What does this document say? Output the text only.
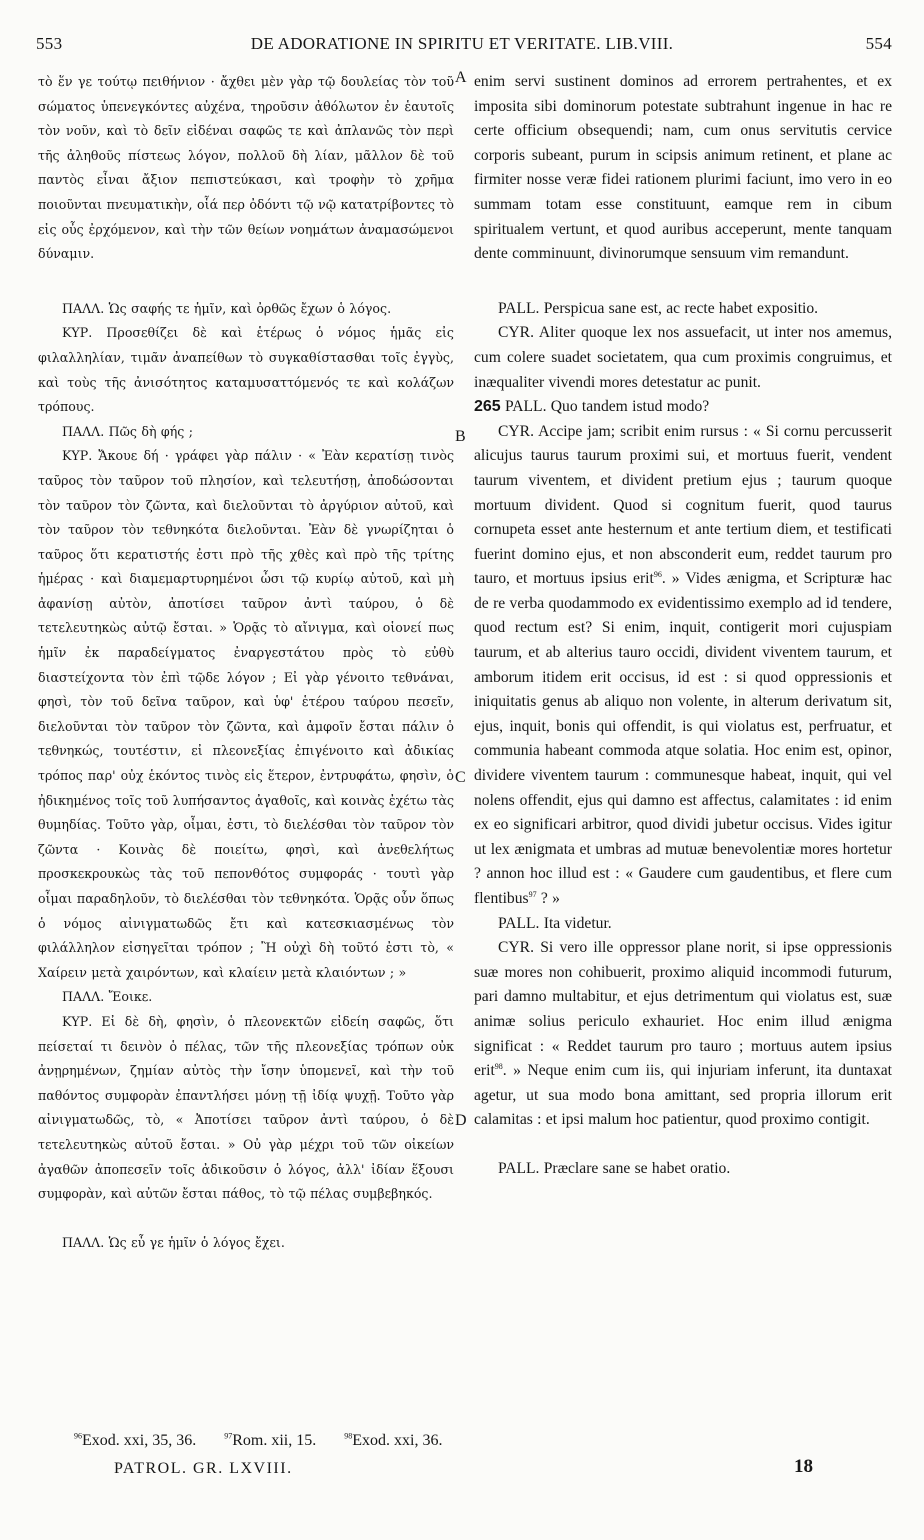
553	DE ADORATIONE IN SPIRITU ET VERITATE. LIB.VIII.	554

τὸ ἕν γε τούτῳ πειθήνιον · ἄχθει μὲν γὰρ τῷ δουλείας τὸν τοῦ σώματος ὑπενεγκόντες αὐχένα, τηροῦσιν ἀθόλωτον ἐν ἑαυτοῖς τὸν νοῦν, καὶ τὸ δεῖν εἰδέναι σαφῶς τε καὶ ἀπλανῶς τὸν περὶ τῆς ἀληθοῦς πίστεως λόγον, πολλοῦ δὴ λίαν, μᾶλλον δὲ τοῦ παντὸς εἶναι ἄξιον πεπιστεύκασι, καὶ τροφὴν τὸ χρῆμα ποιοῦνται πνευματικὴν, οἷά περ ὀδόντι τῷ νῷ κατατρίβοντες τὸ εἰς οὖς ἐρχόμενον, καὶ τὴν τῶν θείων νοημάτων ἀναμασώμενοι δύναμιν.

ΠΑΛΛ. Ὡς σαφής τε ἡμῖν, καὶ ὀρθῶς ἔχων ὁ λόγος.

ΚΥΡ. Προσεθίζει δὲ καὶ ἑτέρως ὁ νόμος ἡμᾶς εἰς φιλαλληλίαν, τιμᾶν ἀναπείθων τὸ συγκαθίστασθαι τοῖς ἐγγὺς, καὶ τοὺς τῆς ἀνισότητος καταμυσαττόμενός τε καὶ κολάζων τρόπους.

ΠΑΛΛ. Πῶς δὴ φής ;

ΚΥΡ. Ἄκουε δή · γράφει γὰρ πάλιν · « Ἐὰν κερατίσῃ τινὸς ταῦρος τὸν ταῦρον τοῦ πλησίον, καὶ τελευτήσῃ, ἀποδώσονται τὸν ταῦρον τὸν ζῶντα, καὶ διελοῦνται τὸ ἀργύριον αὐτοῦ, καὶ τὸν ταῦρον τὸν τεθνηκότα διελοῦνται. Ἐὰν δὲ γνωρίζηται ὁ ταῦρος ὅτι κερατιστής ἐστι πρὸ τῆς χθὲς καὶ πρὸ τῆς τρίτης ἡμέρας · καὶ διαμεμαρτυρημένοι ὦσι τῷ κυρίῳ αὐτοῦ, καὶ μὴ ἀφανίσῃ αὐτὸν, ἀποτίσει ταῦρον ἀντὶ ταύρου, ὁ δὲ τετελευτηκὼς αὐτῷ ἔσται. » Ὁρᾷς τὸ αἴνιγμα, καὶ οἱονεί πως ἡμῖν ἐκ παραδείγματος ἐναργεστάτου πρὸς τὸ εὐθὺ διαστείχοντα τὸν ἐπὶ τῷδε λόγον ; Εἰ γὰρ γένοιτο τεθνάναι, φησὶ, τὸν τοῦ δεῖνα ταῦρον, καὶ ὑφ' ἑτέρου ταύρου πεσεῖν, διελοῦνται τὸν ταῦρον τὸν ζῶντα, καὶ ἀμφοῖν ἔσται πάλιν ὁ τεθνηκώς, τουτέστιν, εἰ πλεονεξίας ἐπιγένοιτο καὶ ἀδικίας τρόπος παρ' οὐχ ἑκόντος τινὸς εἰς ἕτερον, ἐντρυφάτω, φησὶν, ὁ ἠδικημένος τοῖς τοῦ λυπήσαντος ἀγαθοῖς, καὶ κοινὰς ἐχέτω τὰς θυμηδίας. Τοῦτο γὰρ, οἶμαι, ἐστι, τὸ διελέσθαι τὸν ταῦρον τὸν ζῶντα · Κοινὰς δὲ ποιείτω, φησὶ, καὶ ἀνεθελήτως προσκεκρουκὼς τὰς τοῦ πεπονθότος συμφοράς · τουτὶ γὰρ οἶμαι παραδηλοῦν, τὸ διελέσθαι τὸν τεθνηκότα. Ὁρᾷς οὖν ὅπως ὁ νόμος αἰνιγματωδῶς ἔτι καὶ κατεσκιασμένως τὸν φιλάλληλον εἰσηγεῖται τρόπον ; Ἢ οὐχὶ δὴ τοῦτό ἐστι τὸ, « Χαίρειν μετὰ χαιρόντων, καὶ κλαίειν μετὰ κλαιόντων ; »

ΠΑΛΛ. Ἔοικε.

ΚΥΡ. Εἰ δὲ δὴ, φησὶν, ὁ πλεονεκτῶν εἰδείη σαφῶς, ὅτι πείσεταί τι δεινὸν ὁ πέλας, τῶν τῆς πλεονεξίας τρόπων οὐκ ἀνῃρημένων, ζημίαν αὐτὸς τὴν ἴσην ὑπομενεῖ, καὶ τὴν τοῦ παθόντος συμφορὰν ἐπαντλήσει μόνῃ τῇ ἰδίᾳ ψυχῇ. Τοῦτο γὰρ αἰνιγματωδῶς, τὸ, « Ἀποτίσει ταῦρον ἀντὶ ταύρου, ὁ δὲ τετελευτηκὼς αὐτοῦ ἔσται. » Οὐ γὰρ μέχρι τοῦ τῶν οἰκείων ἀγαθῶν ἀποπεσεῖν τοῖς ἀδικοῦσιν ὁ λόγος, ἀλλ' ἰδίαν ἕξουσι συμφορὰν, καὶ αὐτῶν ἔσται πάθος, τὸ τῷ πέλας συμβεβηκός.

ΠΑΛΛ. Ὡς εὖ γε ἡμῖν ὁ λόγος ἔχει.

enim servi sustinent dominos ad errorem pertrahentes, et ex imposita sibi dominorum potestate subtrahunt ingenue in hac re certe officium obsequendi; nam, cum onus servitutis cervice corporis subeant, purum in scipsis animum retinent, et plane ac firmiter nosse veræ fidei rationem plurimi faciunt, imo vero in eo summam totam esse constituunt, eamque rem in cibum spiritualem vertunt, et quod auribus acceperunt, mente tanquam dente comminuunt, divinorumque sensuum vim remandunt.

PALL. Perspicua sane est, ac recte habet expositio.

CYR. Aliter quoque lex nos assuefacit, ut inter nos amemus, cum colere suadet societatem, qua cum proximis congruimus, et inæqualiter vivendi mores detestatur ac punit.

265 PALL. Quo tandem istud modo?

CYR. Accipe jam; scribit enim rursus : « Si cornu percusserit alicujus taurus taurum proximi sui, et mortuus fuerit, vendent taurum viventem, et divident pretium ejus ; taurum quoque mortuum divident. Quod si cognitum fuerit, quod taurus cornupeta esset ante hesternum et ante tertium diem, et testificati fuerint domino ejus, et non absconderit eum, reddet taurum pro tauro, et mortuus ipsius erit$^{96}$. » Vides ænigma, et Scripturæ hac de re verba quodammodo ex evidentissimo exemplo ad id tendere, quod rectum est? Si enim, inquit, contigerit mori cujuspiam taurum, et ab alterius tauro occidi, divident viventem taurum, et amborum itidem erit occisus, id est : si quod oppressionis et iniquitatis genus ab aliquo non volente, in alterum derivatum sit, ejus, inquit, bonis qui offendit, is qui violatus est, perfruatur, et communia habeant commoda atque solatia. Hoc enim est, opinor, dividere viventem taurum : communesque habeat, inquit, qui vel nolens offendit, ejus qui damno est affectus, calamitates : id enim ex eo significari arbitror, quod dividi jubetur occisus. Vides igitur ut lex ænigmata et umbras ad mutuæ benevolentiæ mores hortetur ? annon hoc illud est : « Gaudere cum gaudentibus, et flere cum flentibus$^{97}$ ? »

PALL. Ita videtur.

CYR. Si vero ille oppressor plane norit, si ipse oppressionis suæ mores non cohibuerit, proximo aliquid incommodi futurum, pari damno multabitur, et ejus detrimentum qui violatus est, suæ animæ solius periculo exhauriet. Hoc enim illud ænigma significat : « Reddet taurum pro tauro ; mortuus autem ipsius erit$^{98}$. » Neque enim cum iis, qui injuriam inferunt, ita duntaxat agetur, ut sua modo bona amittant, sed propria illorum erit calamitas : et ipsi malum hoc patientur, quod proximo contigit.

PALL. Præclare sane se habet oratio.

A
B
C
D
$^{96}$Exod. xxi, 35, 36.	$^{97}$Rom. xii, 15.	$^{98}$Exod. xxi, 36.
PATROL. GR. LXVIII.	18
